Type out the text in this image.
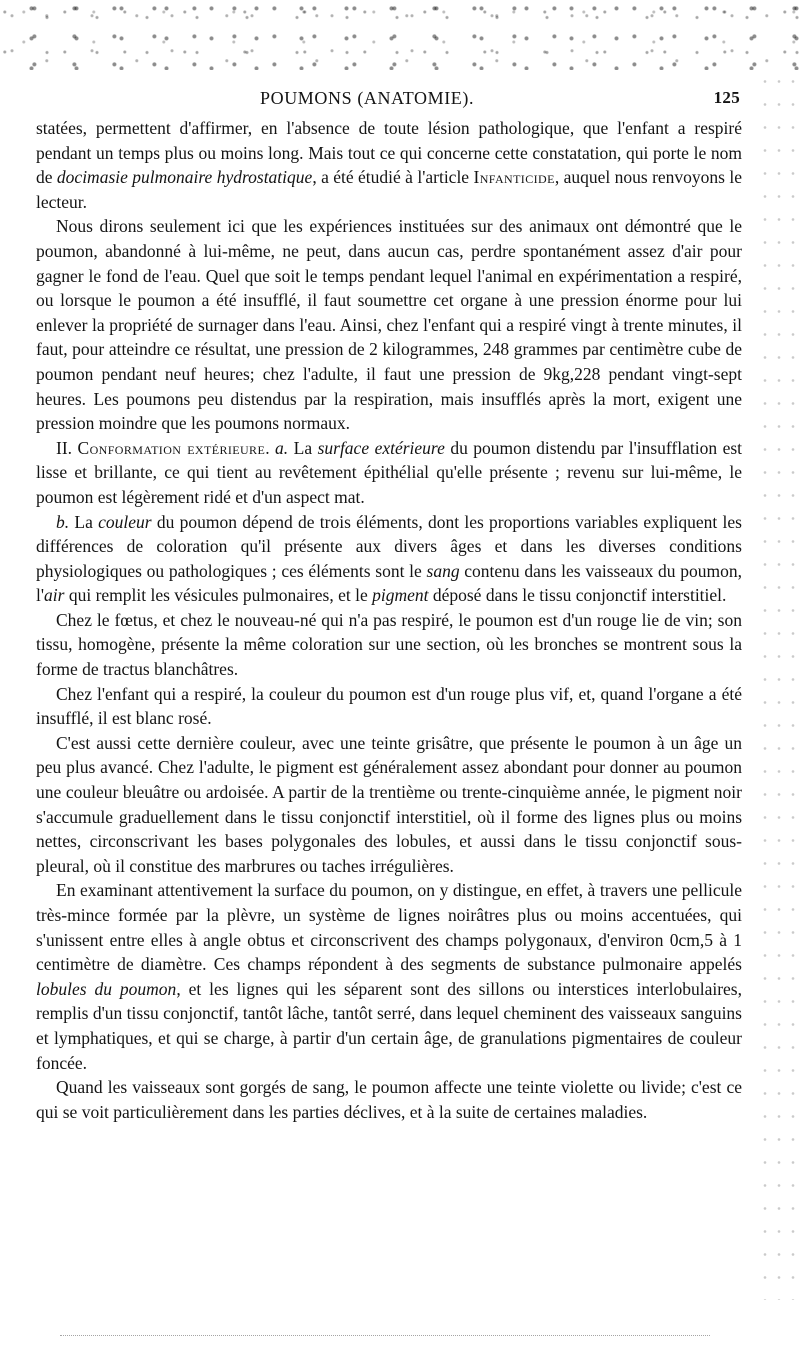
POUMONS (ANATOMIE).	125

statées, permettent d'affirmer, en l'absence de toute lésion pathologique, que l'enfant a respiré pendant un temps plus ou moins long. Mais tout ce qui concerne cette constatation, qui porte le nom de docimasie pulmonaire hydrostatique, a été étudié à l'article Infanticide, auquel nous renvoyons le lecteur.

Nous dirons seulement ici que les expériences instituées sur des animaux ont démontré que le poumon, abandonné à lui-même, ne peut, dans aucun cas, perdre spontanément assez d'air pour gagner le fond de l'eau. Quel que soit le temps pendant lequel l'animal en expérimentation a respiré, ou lorsque le poumon a été insufflé, il faut soumettre cet organe à une pression énorme pour lui enlever la propriété de surnager dans l'eau. Ainsi, chez l'enfant qui a respiré vingt à trente minutes, il faut, pour atteindre ce résultat, une pression de 2 kilogrammes, 248 grammes par centimètre cube de poumon pendant neuf heures; chez l'adulte, il faut une pression de 9kg,228 pendant vingt-sept heures. Les poumons peu distendus par la respiration, mais insufflés après la mort, exigent une pression moindre que les poumons normaux.

II. Conformation extérieure. a. La surface extérieure du poumon distendu par l'insufflation est lisse et brillante, ce qui tient au revêtement épithélial qu'elle présente ; revenu sur lui-même, le poumon est légèrement ridé et d'un aspect mat.

b. La couleur du poumon dépend de trois éléments, dont les proportions variables expliquent les différences de coloration qu'il présente aux divers âges et dans les diverses conditions physiologiques ou pathologiques ; ces éléments sont le sang contenu dans les vaisseaux du poumon, l'air qui remplit les vésicules pulmonaires, et le pigment déposé dans le tissu conjonctif interstitiel.

Chez le fœtus, et chez le nouveau-né qui n'a pas respiré, le poumon est d'un rouge lie de vin; son tissu, homogène, présente la même coloration sur une section, où les bronches se montrent sous la forme de tractus blanchâtres.

Chez l'enfant qui a respiré, la couleur du poumon est d'un rouge plus vif, et, quand l'organe a été insufflé, il est blanc rosé.

C'est aussi cette dernière couleur, avec une teinte grisâtre, que présente le poumon à un âge un peu plus avancé. Chez l'adulte, le pigment est généralement assez abondant pour donner au poumon une couleur bleuâtre ou ardoisée. A partir de la trentième ou trente-cinquième année, le pigment noir s'accumule graduellement dans le tissu conjonctif interstitiel, où il forme des lignes plus ou moins nettes, circonscrivant les bases polygonales des lobules, et aussi dans le tissu conjonctif sous-pleural, où il constitue des marbrures ou taches irrégulières.

En examinant attentivement la surface du poumon, on y distingue, en effet, à travers une pellicule très-mince formée par la plèvre, un système de lignes noirâtres plus ou moins accentuées, qui s'unissent entre elles à angle obtus et circonscrivent des champs polygonaux, d'environ 0cm,5 à 1 centimètre de diamètre. Ces champs répondent à des segments de substance pulmonaire appelés lobules du poumon, et les lignes qui les séparent sont des sillons ou interstices interlobulaires, remplis d'un tissu conjonctif, tantôt lâche, tantôt serré, dans lequel cheminent des vaisseaux sanguins et lymphatiques, et qui se charge, à partir d'un certain âge, de granulations pigmentaires de couleur foncée.

Quand les vaisseaux sont gorgés de sang, le poumon affecte une teinte violette ou livide; c'est ce qui se voit particulièrement dans les parties déclives, et à la suite de certaines maladies.
